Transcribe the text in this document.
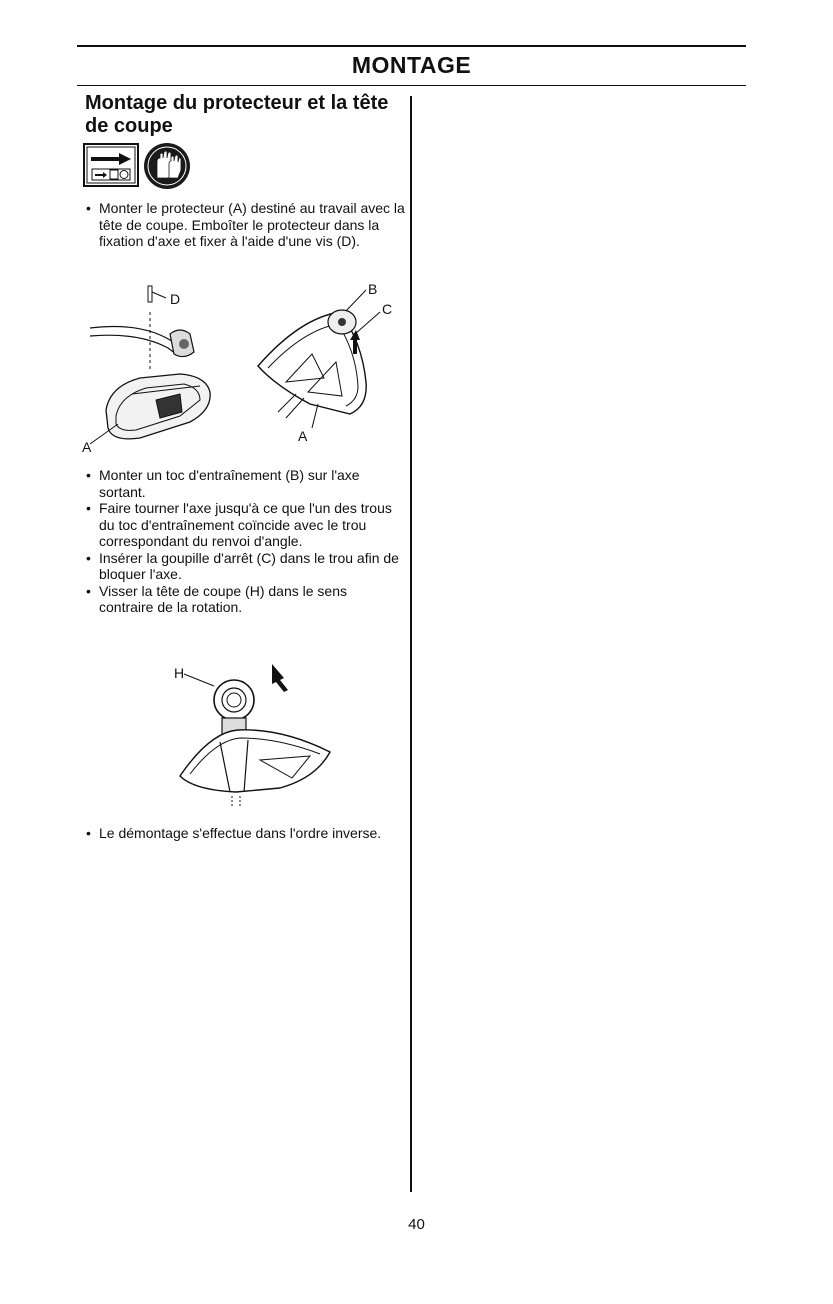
MONTAGE
Montage du protecteur et la tête de coupe
• Monter le protecteur (A) destiné au travail avec la tête de coupe. Emboîter le protecteur dans la fixation d'axe et fixer à l'aide d'une vis (D).
D
A
B
C
A
• Monter un toc d'entraînement (B) sur l'axe sortant.
• Faire tourner l'axe jusqu'à ce que l'un des trous du toc d'entraînement coïncide avec le trou correspondant du renvoi d'angle.
• Insérer la goupille d'arrêt (C) dans le trou afin de bloquer l'axe.
• Visser la tête de coupe (H) dans le sens contraire de la rotation.
H
• Le démontage s'effectue dans l'ordre inverse.
40
